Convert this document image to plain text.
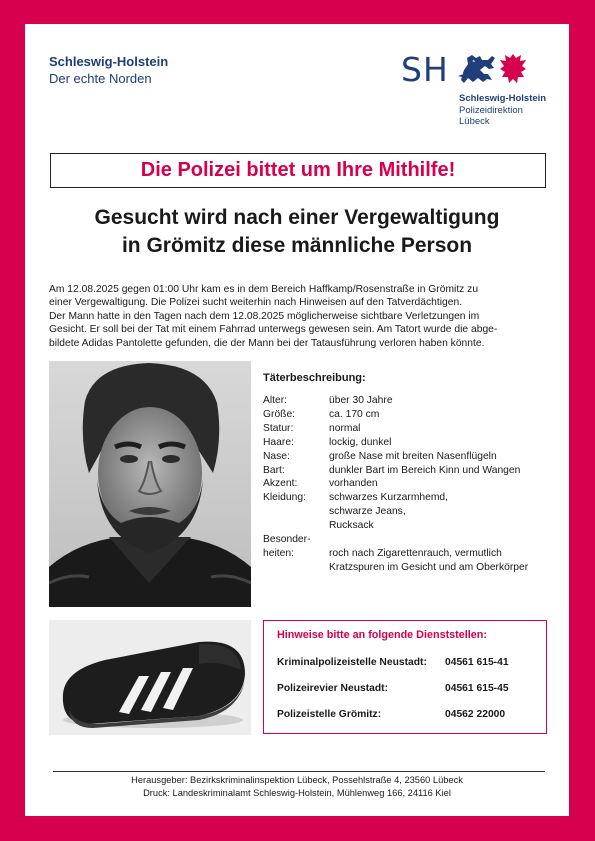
Schleswig-Holstein
Der echte Norden	SH
Schleswig-Holstein
Polizeidirektion
Lübeck
Die Polizei bittet um Ihre Mithilfe!
Gesucht wird nach einer Vergewaltigung
in Grömitz diese männliche Person
Am 12.08.2025 gegen 01:00 Uhr kam es in dem Bereich Haffkamp/Rosenstraße in Grömitz zu
einer Vergewaltigung. Die Polizei sucht weiterhin nach Hinweisen auf den Tatverdächtigen.
Der Mann hatte in den Tagen nach dem 12.08.2025 möglicherweise sichtbare Verletzungen im
Gesicht. Er soll bei der Tat mit einem Fahrrad unterwegs gewesen sein. Am Tatort wurde die abge-
bildete Adidas Pantolette gefunden, die der Mann bei der Tatausführung verloren haben könnte.
Täterbeschreibung:
Alter:	über 30 Jahre
Größe:	ca. 170 cm
Statur:	normal
Haare:	lockig, dunkel
Nase:	große Nase mit breiten Nasenflügeln
Bart:	dunkler Bart im Bereich Kinn und Wangen
Akzent:	vorhanden
Kleidung:	schwarzes Kurzarmhemd,
schwarze Jeans,
Rucksack
Besonder-
heiten:	roch nach Zigarettenrauch, vermutlich
Kratzspuren im Gesicht und am Oberkörper
Hinweise bitte an folgende Dienststellen:
Kriminalpolizeistelle Neustadt: 04561 615-41
Polizeirevier Neustadt:	04561 615-45
Polizeistelle Grömitz:	04562 22000
Herausgeber: Bezirkskriminalinspektion Lübeck, Possehlstraße 4, 23560 Lübeck
Druck: Landeskriminalamt Schleswig-Holstein, Mühlenweg 166, 24116 Kiel
